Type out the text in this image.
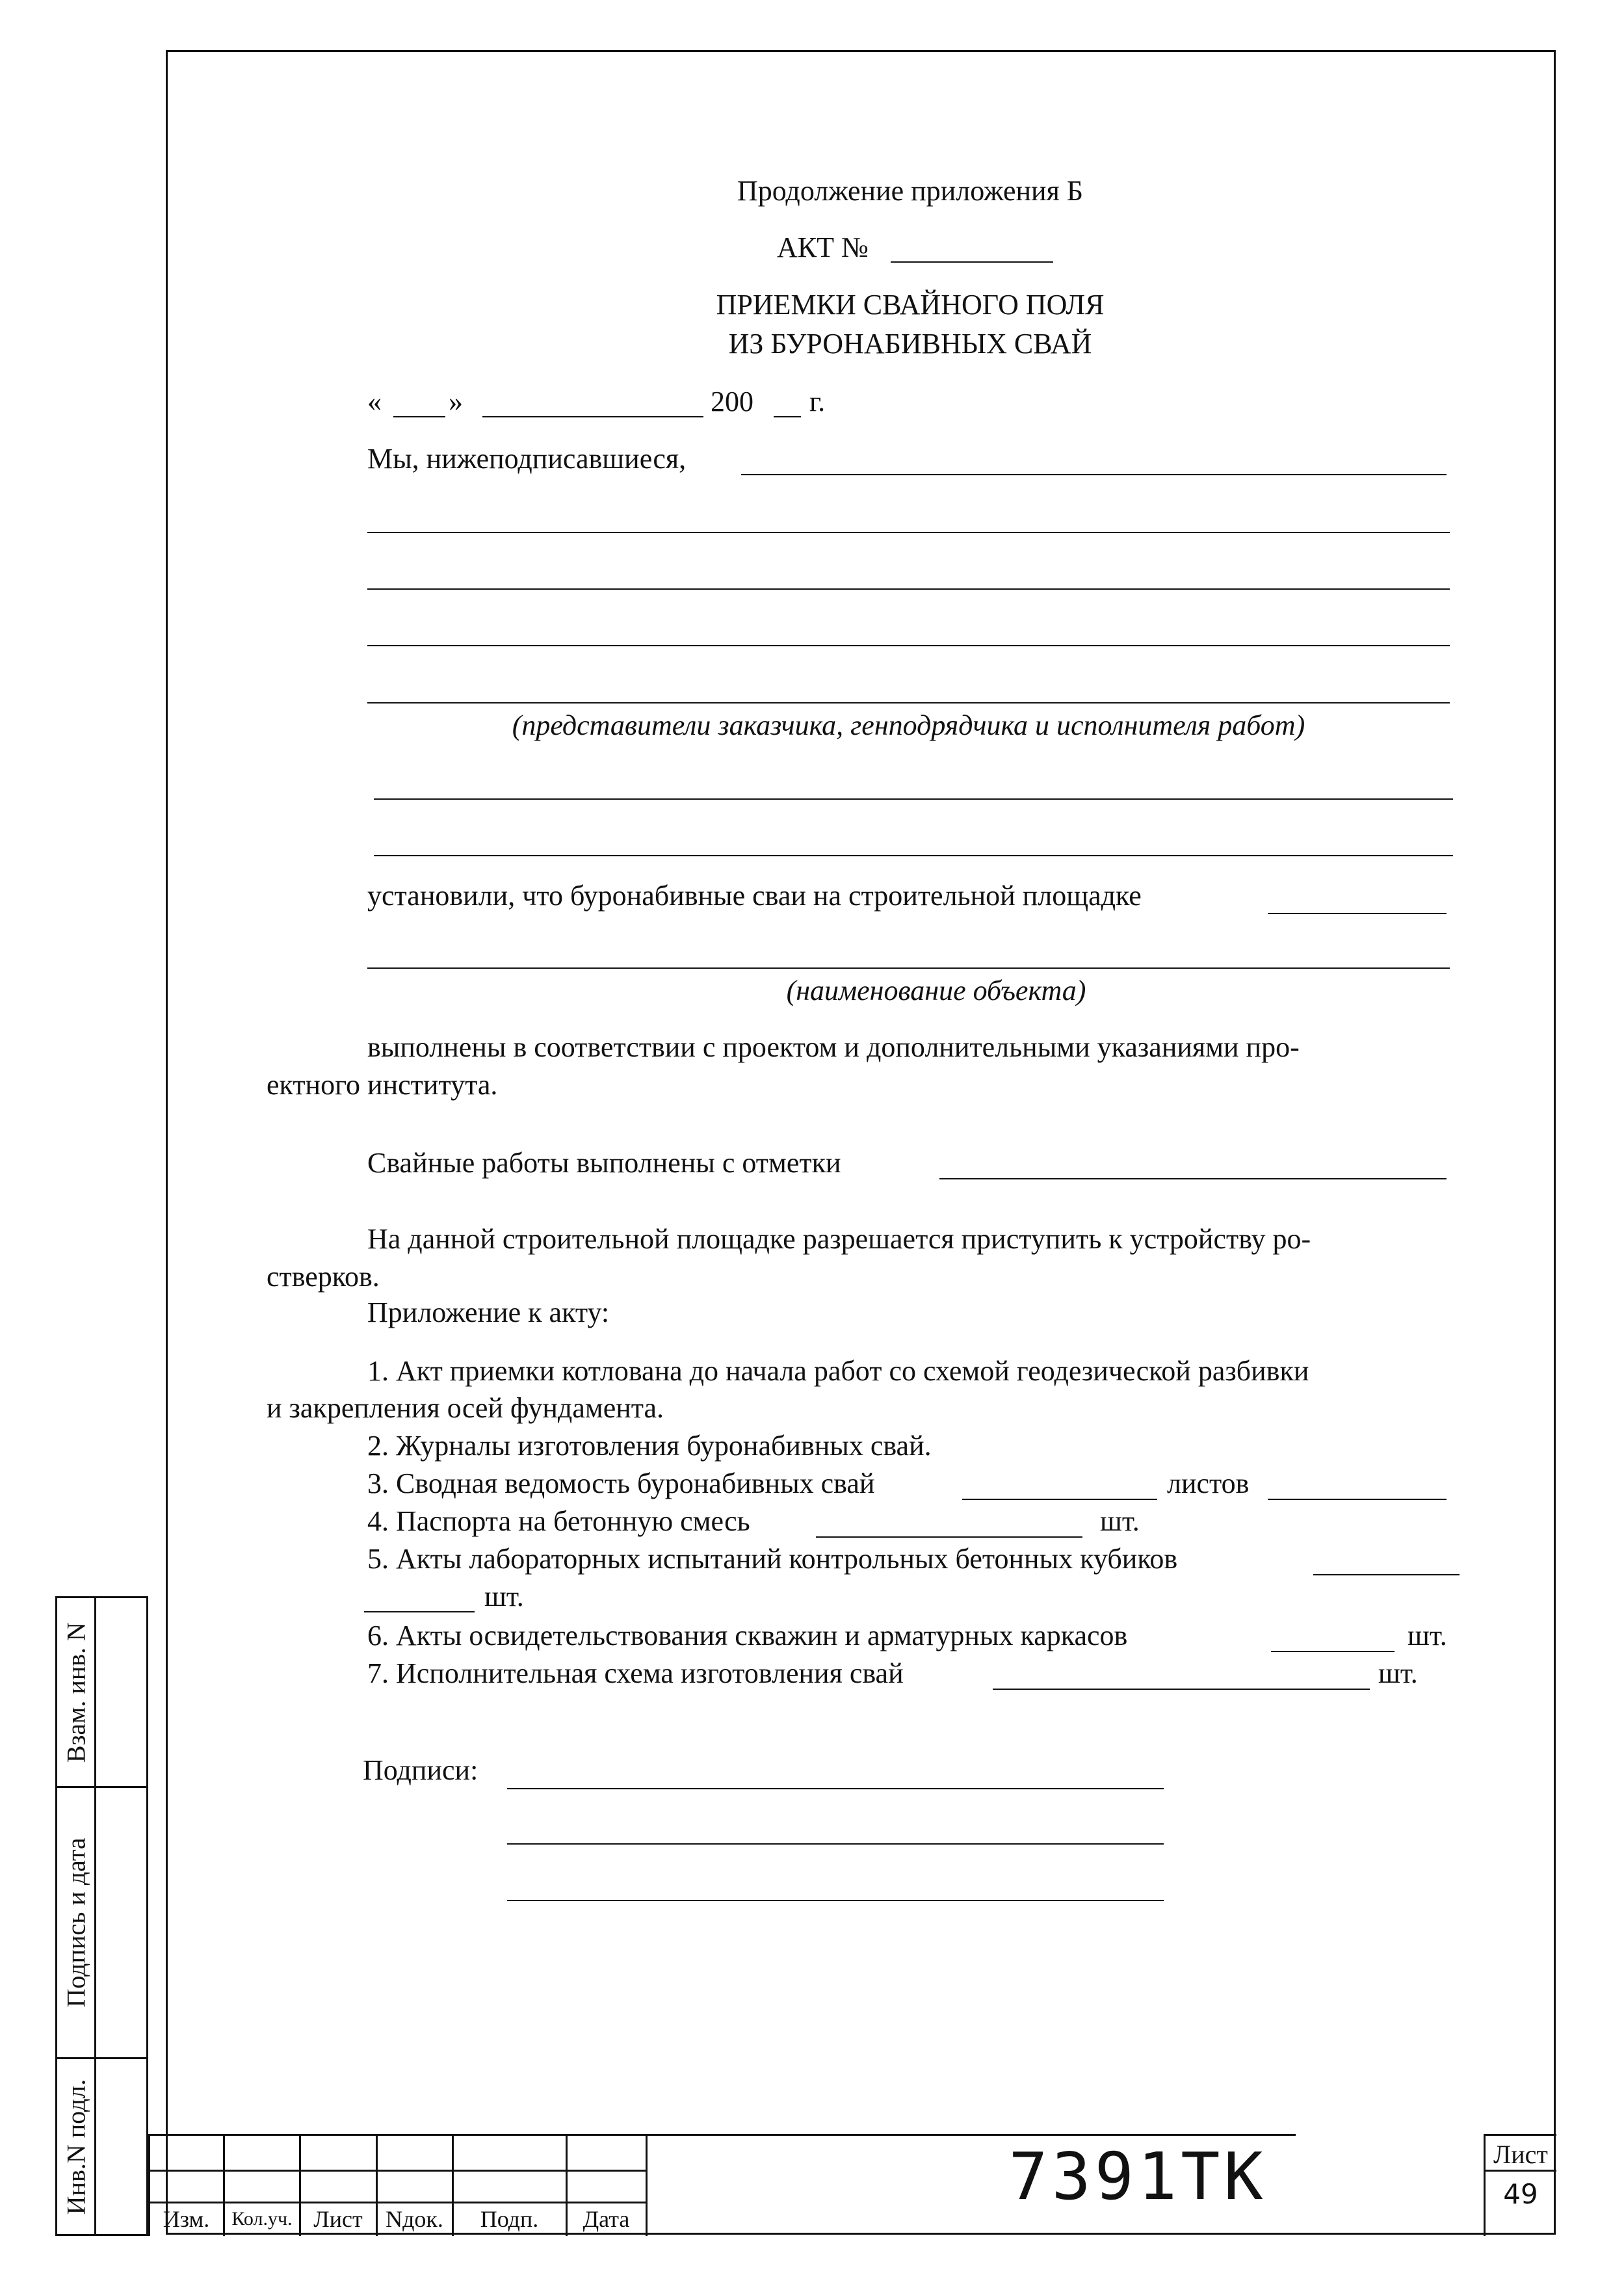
Продолжение приложения Б
АКТ №
ПРИЕМКИ СВАЙНОГО ПОЛЯ
ИЗ БУРОНАБИВНЫХ СВАЙ
« »	200 г.
Мы, нижеподписавшиеся,
(представители заказчика, генподрядчика и исполнителя работ)
установили, что буронабивные сваи на строительной площадке
(наименование объекта)
выполнены в соответствии с проектом и дополнительными указаниями про-
ектного института.
Свайные работы выполнены с отметки
На данной строительной площадке разрешается приступить к устройству ро-
стверков.
Приложение к акту:
1. Акт приемки котлована до начала работ со схемой геодезической разбивки
и закрепления осей фундамента.
2. Журналы изготовления буронабивных свай.
3. Сводная ведомость буронабивных свай	листов
4. Паспорта на бетонную смесь	шт.
5. Акты лабораторных испытаний контрольных бетонных кубиков
шт.
6. Акты освидетельствования скважин и арматурных каркасов	шт.
7. Исполнительная схема изготовления свай	шт.
Подписи:
Взам. инв. N
Подпись и дата
Инв.N подл.
Изм.	Кол.уч. Лист Nдок.	Подп.	Дата
7391ТК	Лист
49
